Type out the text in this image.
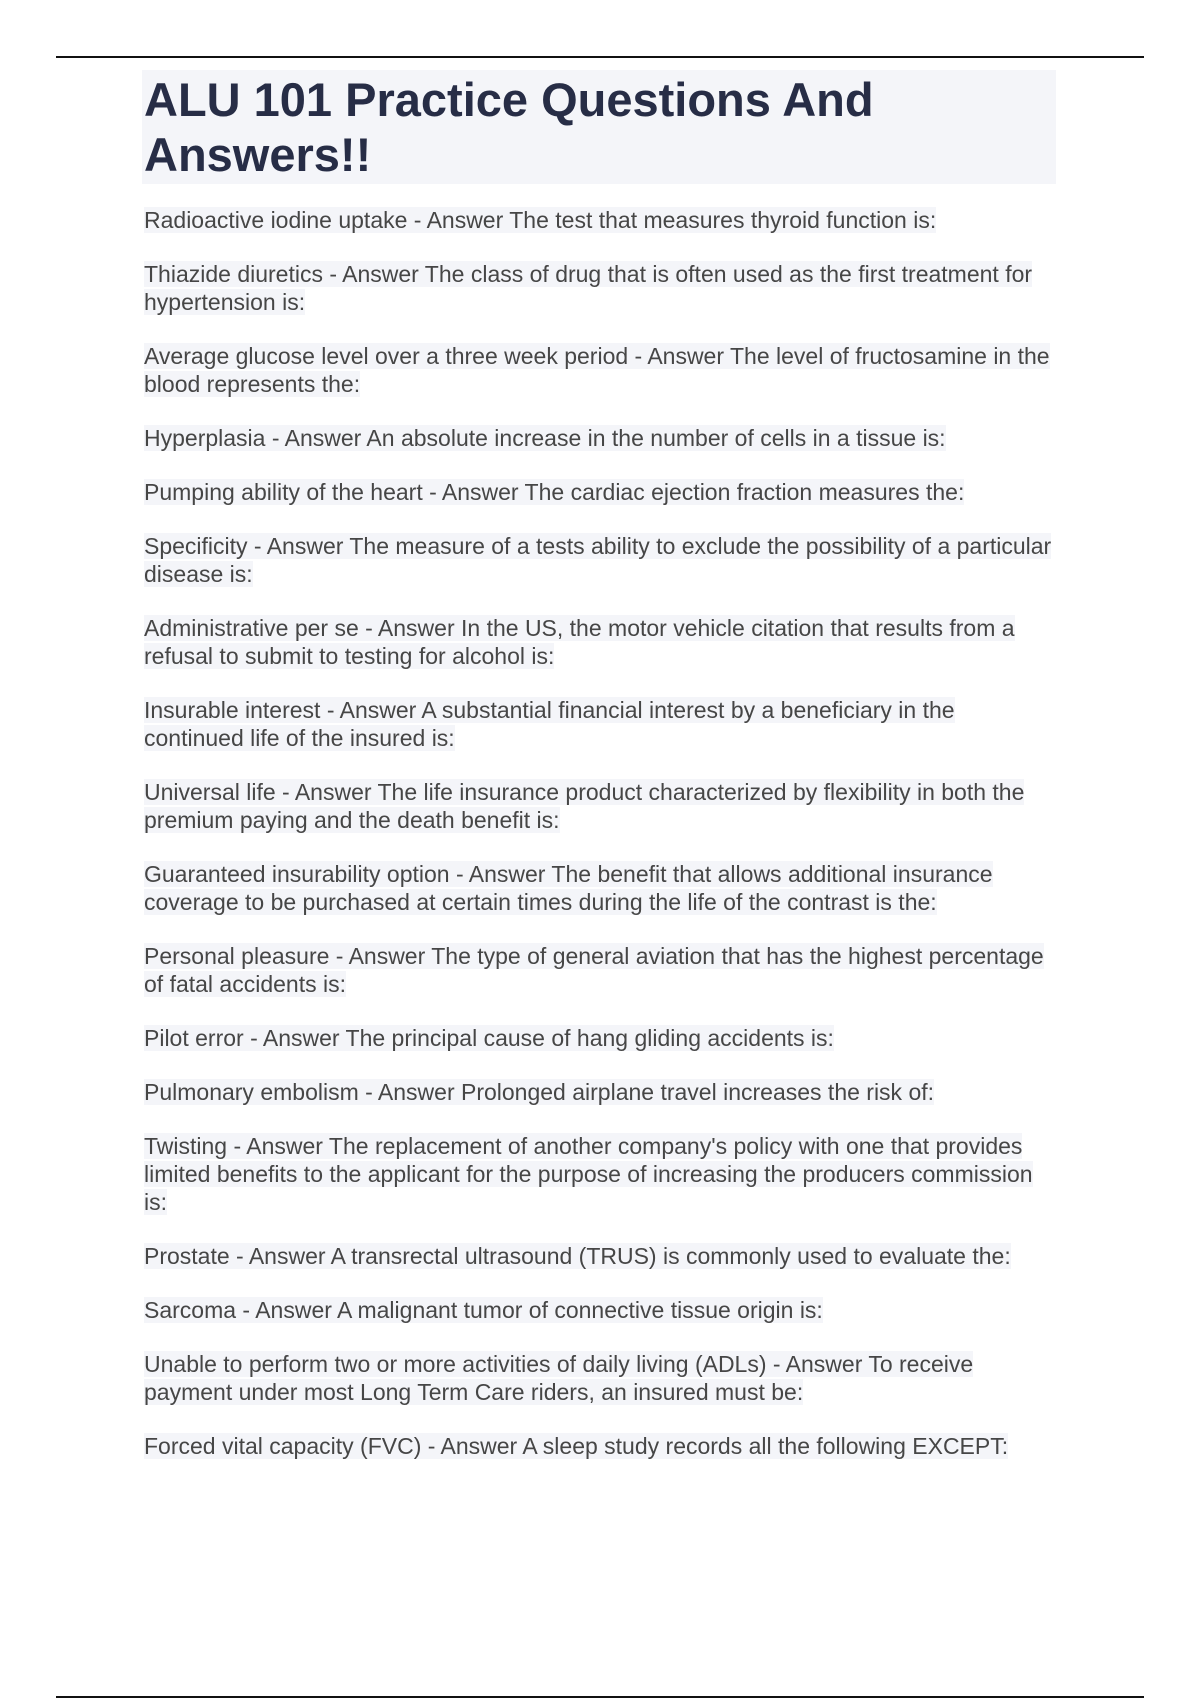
ALU 101 Practice Questions And Answers!!

Radioactive iodine uptake - Answer The test that measures thyroid function is:

Thiazide diuretics - Answer The class of drug that is often used as the first treatment for hypertension is:

Average glucose level over a three week period - Answer The level of fructosamine in the blood represents the:

Hyperplasia - Answer An absolute increase in the number of cells in a tissue is:

Pumping ability of the heart - Answer The cardiac ejection fraction measures the:

Specificity - Answer The measure of a tests ability to exclude the possibility of a particular disease is:

Administrative per se - Answer In the US, the motor vehicle citation that results from a refusal to submit to testing for alcohol is:

Insurable interest - Answer A substantial financial interest by a beneficiary in the continued life of the insured is:

Universal life - Answer The life insurance product characterized by flexibility in both the premium paying and the death benefit is:

Guaranteed insurability option - Answer The benefit that allows additional insurance coverage to be purchased at certain times during the life of the contrast is the:

Personal pleasure - Answer The type of general aviation that has the highest percentage of fatal accidents is:

Pilot error - Answer The principal cause of hang gliding accidents is:

Pulmonary embolism - Answer Prolonged airplane travel increases the risk of:

Twisting - Answer The replacement of another company's policy with one that provides limited benefits to the applicant for the purpose of increasing the producers commission is:

Prostate - Answer A transrectal ultrasound (TRUS) is commonly used to evaluate the:

Sarcoma - Answer A malignant tumor of connective tissue origin is:

Unable to perform two or more activities of daily living (ADLs) - Answer To receive payment under most Long Term Care riders, an insured must be:

Forced vital capacity (FVC) - Answer A sleep study records all the following EXCEPT:
